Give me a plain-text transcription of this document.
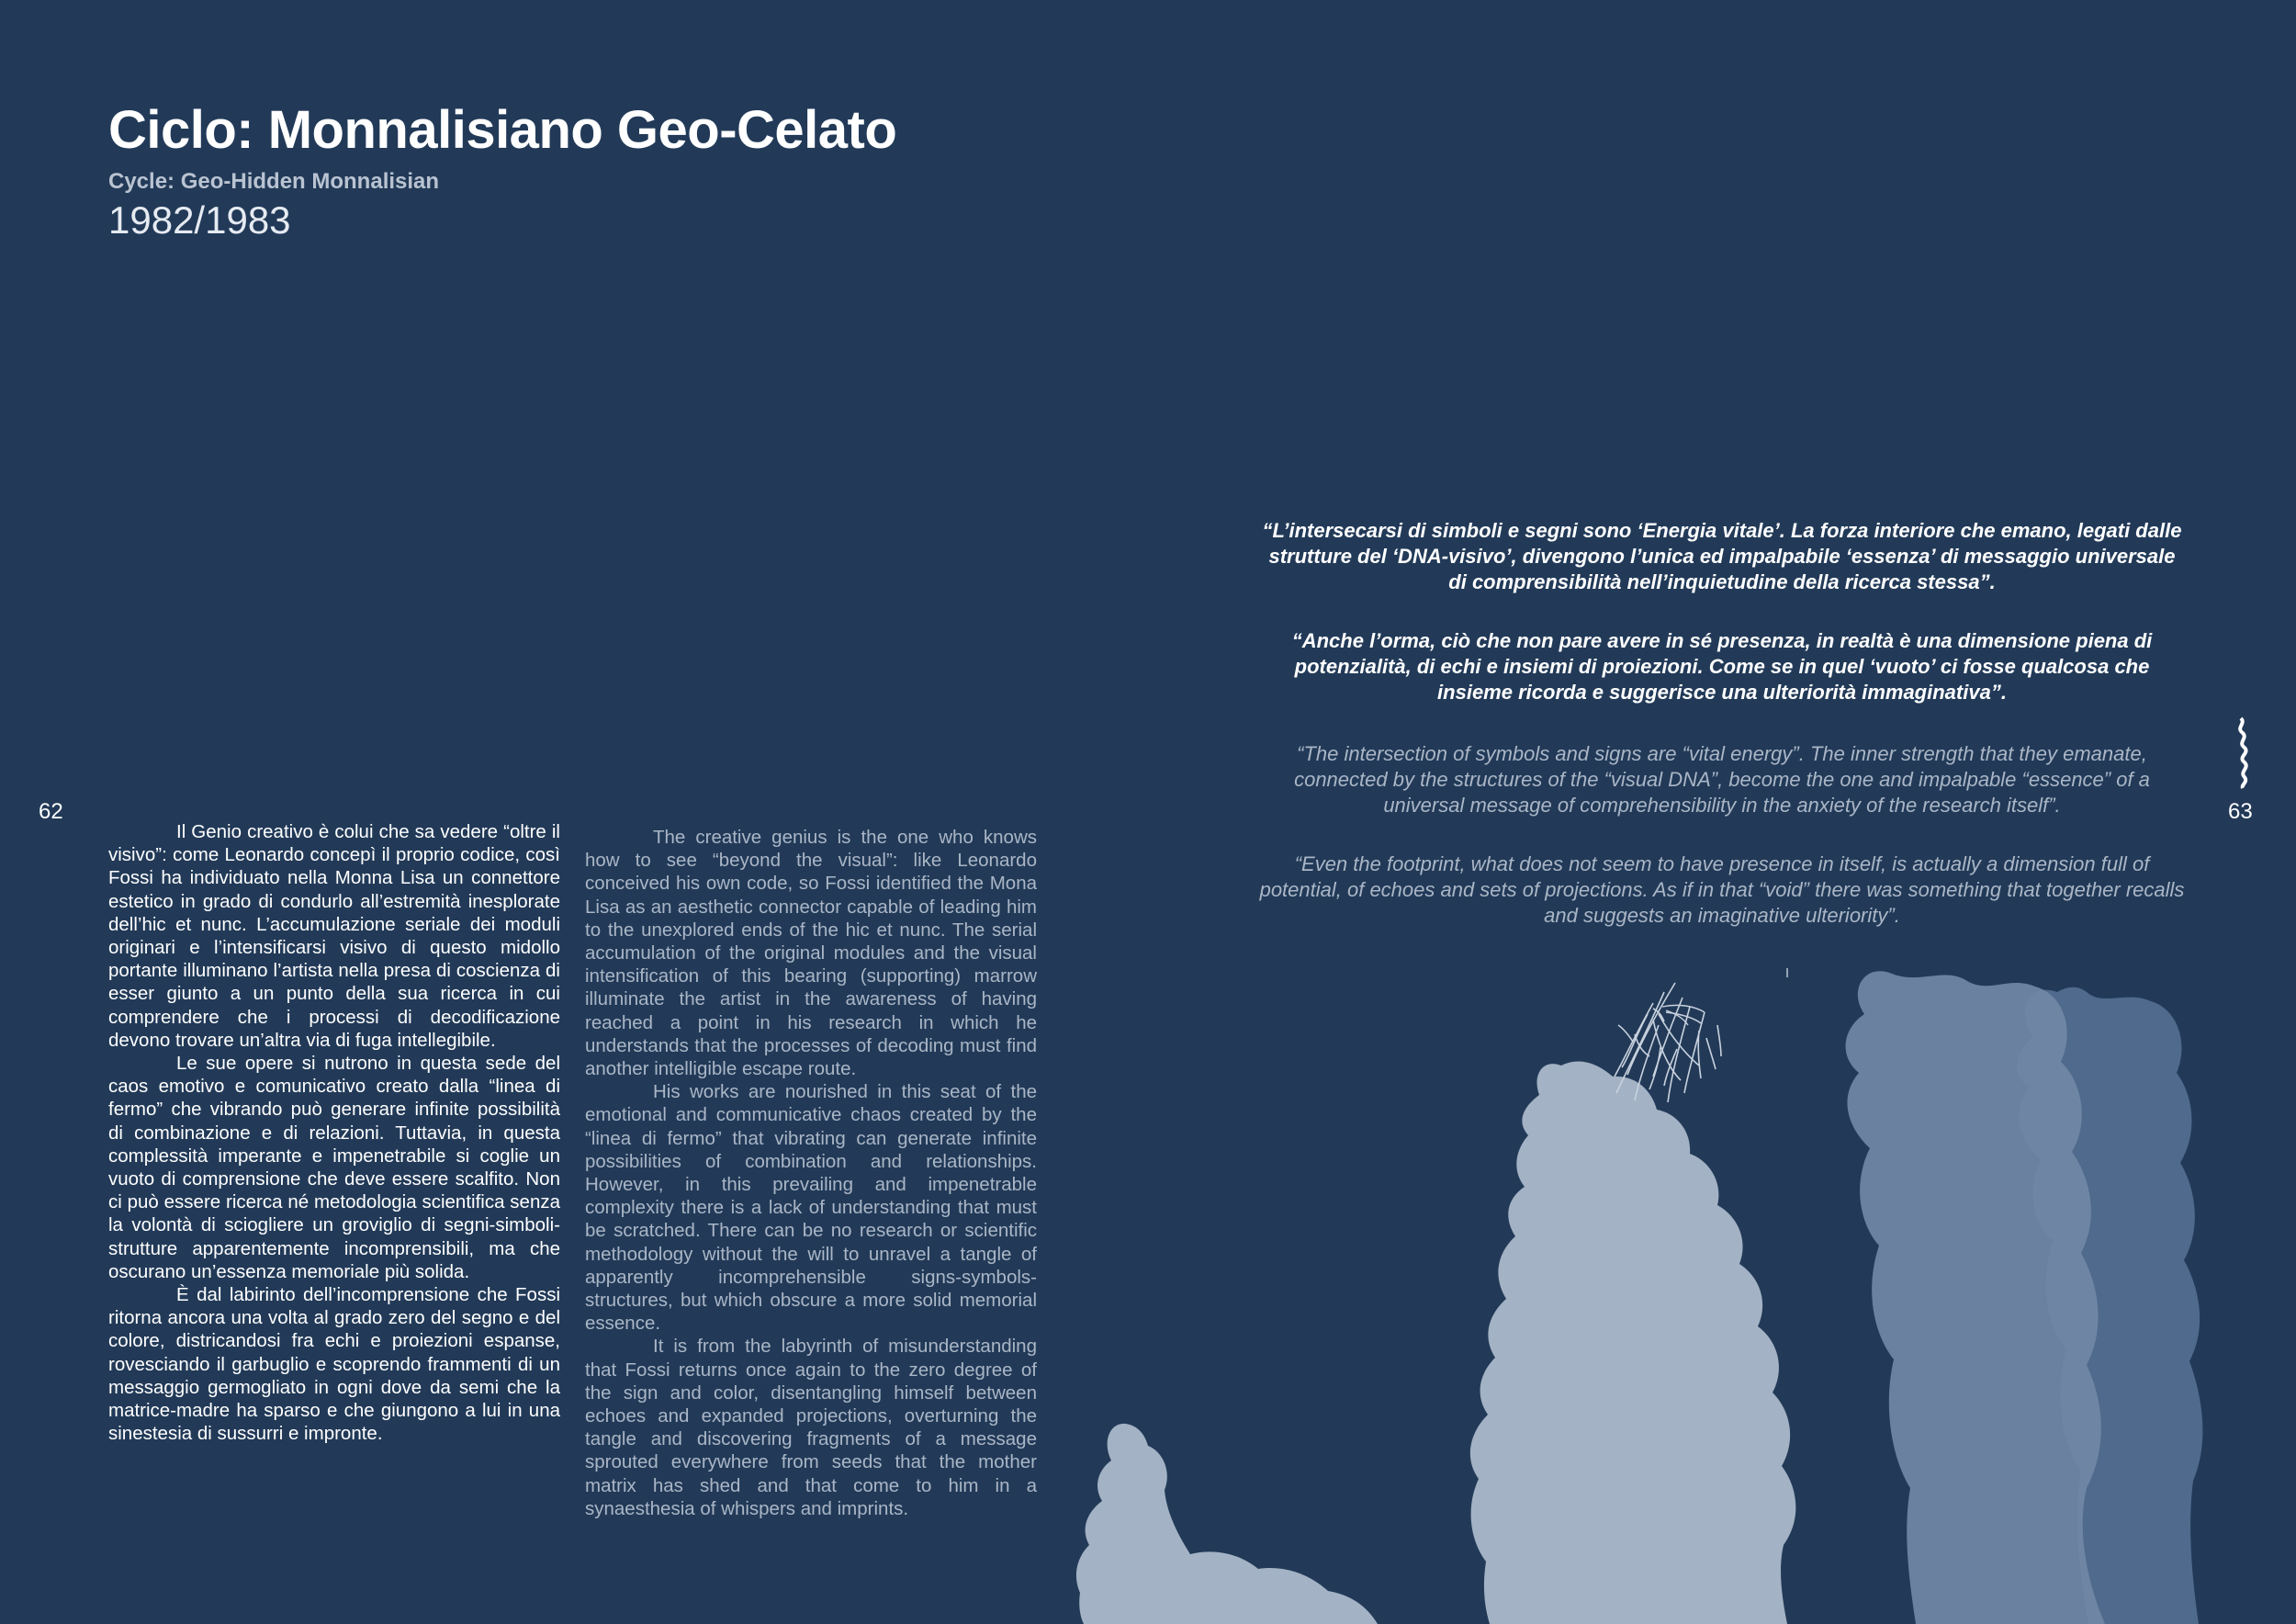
Ciclo: Monnalisiano Geo-Celato
Cycle: Geo-Hidden Monnalisian
1982/1983
62	63

Il Genio creativo è colui che sa vedere “oltre il visivo”: come Leonardo concepì il proprio codice, così Fossi ha individuato nella Monna Lisa un connettore estetico in grado di condurlo all’estremità inesplorate dell’hic et nunc. L’accumulazione seriale dei moduli originari e l’intensificarsi visivo di questo midollo portante illuminano l’artista nella presa di coscienza di esser giunto a un punto della sua ricerca in cui comprendere che i processi di decodificazione devono trovare un’altra via di fuga intellegibile.

Le sue opere si nutrono in questa sede del caos emotivo e comunicativo creato dalla “linea di fermo” che vibrando può generare infinite possibilità di combinazione e di relazioni. Tuttavia, in questa complessità imperante e impenetrabile si coglie un vuoto di comprensione che deve essere scalfito. Non ci può essere ricerca né metodologia scientifica senza la volontà di sciogliere un groviglio di segni-simboli-strutture apparentemente incomprensibili, ma che oscurano un’essenza memoriale più solida.

È dal labirinto dell’incomprensione che Fossi ritorna ancora una volta al grado zero del segno e del colore, districandosi fra echi e proiezioni espanse, rovesciando il garbuglio e scoprendo frammenti di un messaggio germogliato in ogni dove da semi che la matrice-madre ha sparso e che giungono a lui in una sinestesia di sussurri e impronte.

The creative genius is the one who knows how to see “beyond the visual”: like Leonardo conceived his own code, so Fossi identified the Mona Lisa as an aesthetic connector capable of leading him to the unexplored ends of the hic et nunc. The serial accumulation of the original modules and the visual intensification of this bearing (supporting) marrow illuminate the artist in the awareness of having reached a point in his research in which he understands that the processes of decoding must find another intelligible escape route.

His works are nourished in this seat of the emotional and communicative chaos created by the “linea di fermo” that vibrating can generate infinite possibilities of combination and relationships. However, in this prevailing and impenetrable complexity there is a lack of understanding that must be scratched. There can be no research or scientific methodology without the will to unravel a tangle of apparently incomprehensible signs-symbols-structures, but which obscure a more solid memorial essence.

It is from the labyrinth of misunderstanding that Fossi returns once again to the zero degree of the sign and color, disentangling himself between echoes and expanded projections, overturning the tangle and discovering fragments of a message sprouted everywhere from seeds that the mother matrix has shed and that come to him in a synaesthesia of whispers and imprints.

“L’intersecarsi di simboli e segni sono ‘Energia vitale’. La forza interiore che emano, legati dalle strutture del ‘DNA-visivo’, divengono l’unica ed impalpabile ‘essenza’ di messaggio universale di comprensibilità nell’inquietudine della ricerca stessa”.

“Anche l’orma, ciò che non pare avere in sé presenza, in realtà è una dimensione piena di potenzialità, di echi e insiemi di proiezioni. Come se in quel ‘vuoto’ ci fosse qualcosa che insieme ricorda e suggerisce una ulteriorità immaginativa”.

“The intersection of symbols and signs are “vital energy”. The inner strength that they emanate, connected by the structures of the “visual DNA”, become the one and impalpable “essence” of a universal message of comprehensibility in the anxiety of the research itself”.

“Even the footprint, what does not seem to have presence in itself, is actually a dimension full of potential, of echoes and sets of projections. As if in that “void” there was something that together recalls and suggests an imaginative ulteriority”.
